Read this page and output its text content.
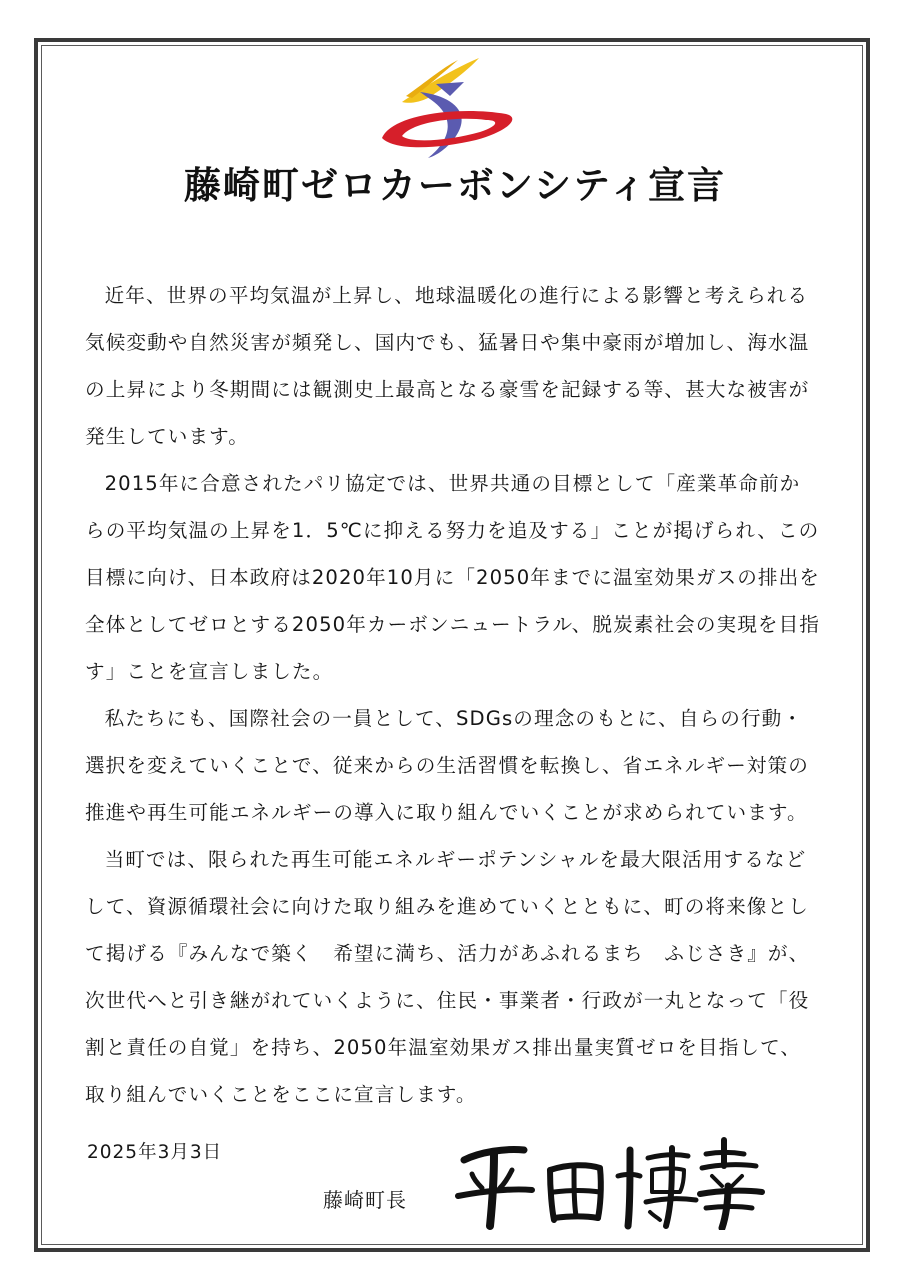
藤崎町ゼロカーボンシティ宣言

近年、世界の平均気温が上昇し、地球温暖化の進行による影響と考えられる気候変動や自然災害が頻発し、国内でも、猛暑日や集中豪雨が増加し、海水温の上昇により冬期間には観測史上最高となる豪雪を記録する等、甚大な被害が発生しています。

2015年に合意されたパリ協定では、世界共通の目標として「産業革命前からの平均気温の上昇を1．5℃に抑える努力を追及する」ことが掲げられ、この目標に向け、日本政府は2020年10月に「2050年までに温室効果ガスの排出を全体としてゼロとする2050年カーボンニュートラル、脱炭素社会の実現を目指す」ことを宣言しました。

私たちにも、国際社会の一員として、SDGsの理念のもとに、自らの行動・選択を変えていくことで、従来からの生活習慣を転換し、省エネルギー対策の推進や再生可能エネルギーの導入に取り組んでいくことが求められています。

当町では、限られた再生可能エネルギーポテンシャルを最大限活用するなどして、資源循環社会に向けた取り組みを進めていくとともに、町の将来像として掲げる『みんなで築く　希望に満ち、活力があふれるまち　ふじさき』が、次世代へと引き継がれていくように、住民・事業者・行政が一丸となって「役割と責任の自覚」を持ち、2050年温室効果ガス排出量実質ゼロを目指して、取り組んでいくことをここに宣言します。

2025年3月3日
藤崎町長
